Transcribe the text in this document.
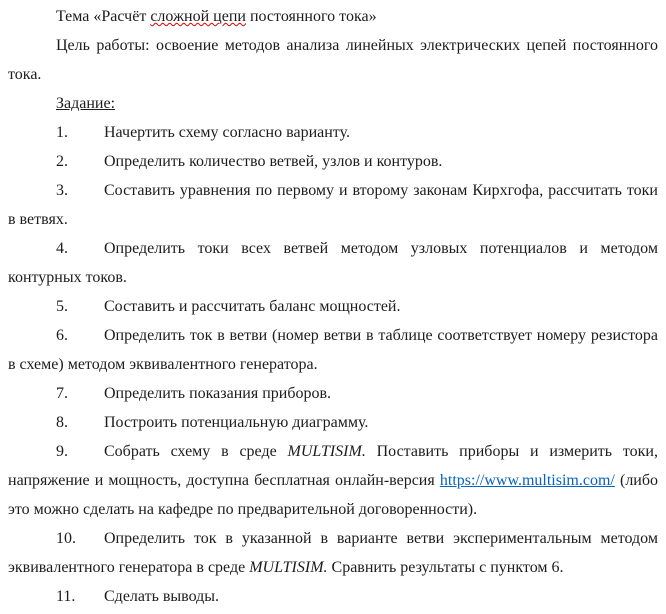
Тема «Расчёт сложной цепи постоянного тока»

Цель работы: освоение методов анализа линейных электрических цепей постоянного тока.

Задание:

1. Начертить схему согласно варианту.

2. Определить количество ветвей, узлов и контуров.

3. Составить уравнения по первому и второму законам Кирхгофа, рассчитать токи в ветвях.

4. Определить токи всех ветвей методом узловых потенциалов и методом контурных токов.

5. Составить и рассчитать баланс мощностей.

6. Определить ток в ветви (номер ветви в таблице соответствует номеру резистора в схеме) методом эквивалентного генератора.

7. Определить показания приборов.

8. Построить потенциальную диаграмму.

9. Собрать схему в среде MULTISIM. Поставить приборы и измерить токи, напряжение и мощность, доступна бесплатная онлайн-версия https://www.multisim.com/ (либо это можно сделать на кафедре по предварительной договоренности).

10. Определить ток в указанной в варианте ветви экспериментальным методом эквивалентного генератора в среде MULTISIM. Сравнить результаты с пунктом 6.

11. Сделать выводы.
